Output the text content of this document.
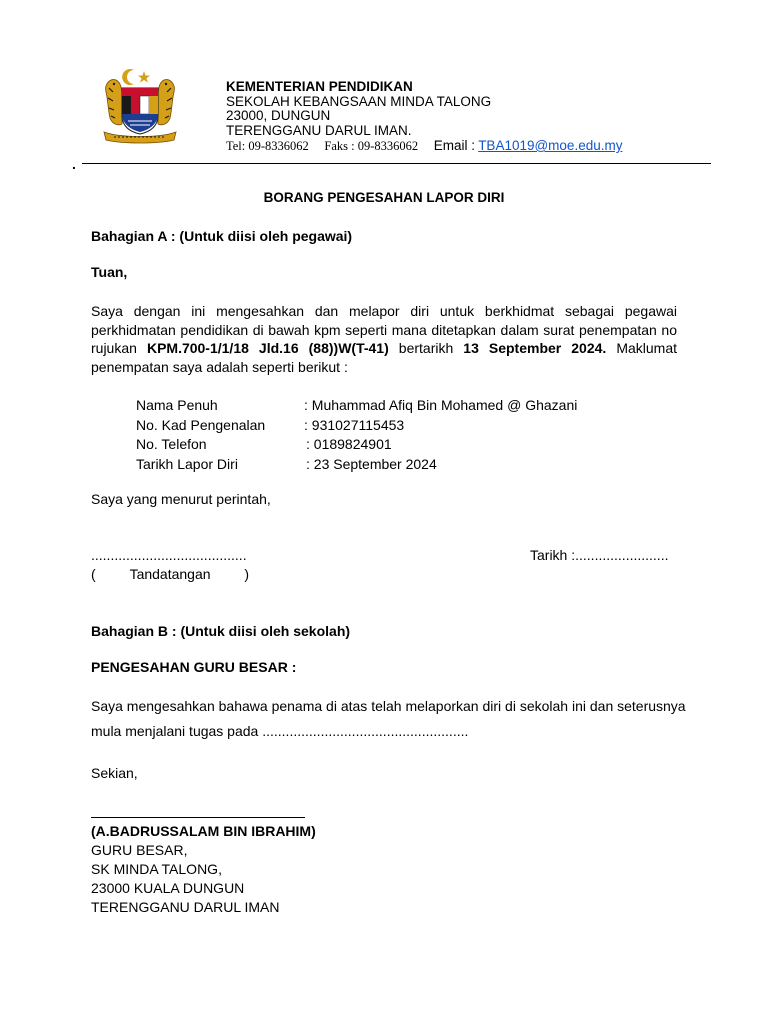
KEMENTERIAN PENDIDIKAN
SEKOLAH KEBANGSAAN MINDA TALONG
23000, DUNGUN
TERENGGANU DARUL IMAN.
Tel: 09-8336062 Faks : 09-8336062 Email : TBA1019@moe.edu.my
.
BORANG PENGESAHAN LAPOR DIRI
Bahagian A : (Untuk diisi oleh pegawai)
Tuan,
Saya dengan ini mengesahkan dan melapor diri untuk berkhidmat sebagai pegawai perkhidmatan pendidikan di bawah kpm seperti mana ditetapkan dalam surat penempatan no rujukan KPM.700-1/1/18 Jld.16 (88))W(T-41) bertarikh 13 September 2024. Maklumat penempatan saya adalah seperti berikut :
Nama Penuh	: Muhammad Afiq Bin Mohamed @ Ghazani
No. Kad Pengenalan	: 931027115453
No. Telefon	: 0189824901
Tarikh Lapor Diri	: 23 September 2024
Saya yang menurut perintah,
........................................	Tarikh :........................
( Tandatangan )
Bahagian B : (Untuk diisi oleh sekolah)
PENGESAHAN GURU BESAR :
Saya mengesahkan bahawa penama di atas telah melaporkan diri di sekolah ini dan seterusnya mula menjalani tugas pada .....................................................
Sekian,
(A.BADRUSSALAM BIN IBRAHIM)
GURU BESAR,
SK MINDA TALONG,
23000 KUALA DUNGUN
TERENGGANU DARUL IMAN
